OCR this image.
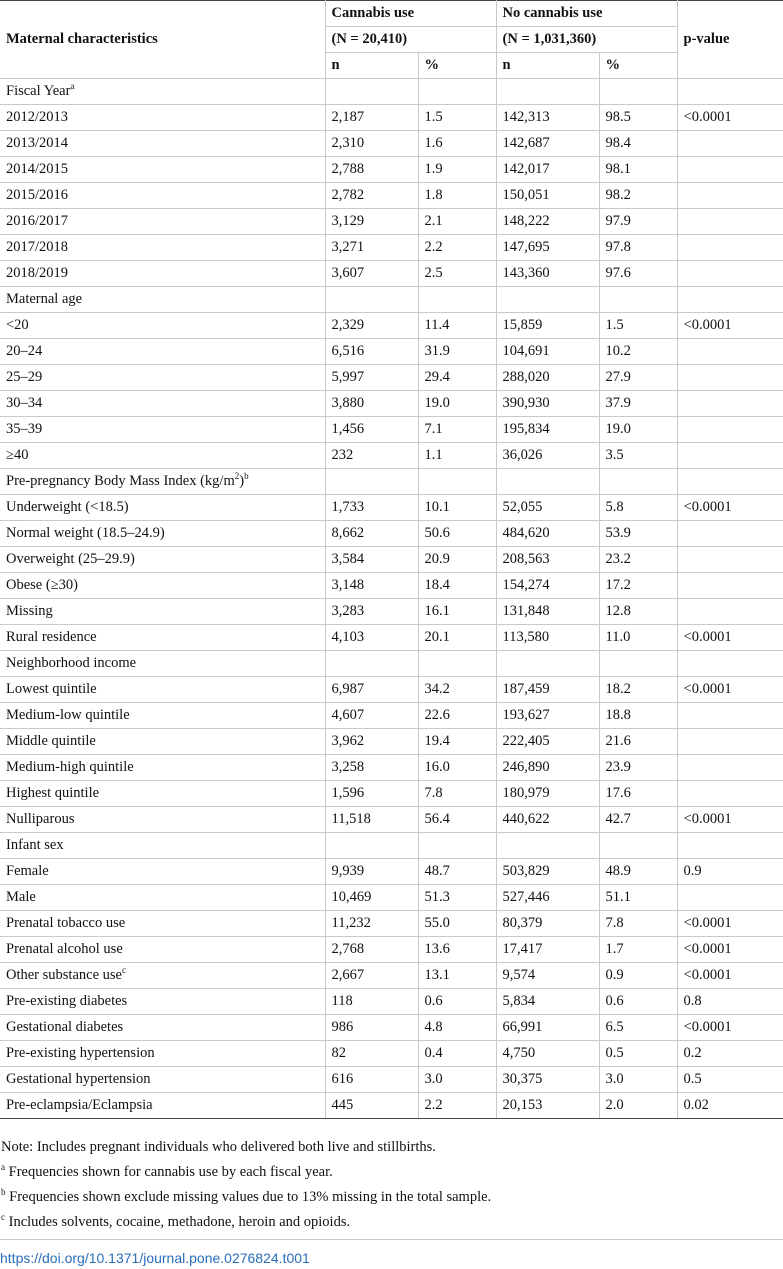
Maternal characteristics	Cannabis use		No cannabis use		p-value
	(N = 20,410)		(N = 1,031,360)		
	n	%	n	%	
Fiscal Year$^a$					
2012/2013	2,187	1.5	142,313	98.5	<0.0001
2013/2014	2,310	1.6	142,687	98.4	
2014/2015	2,788	1.9	142,017	98.1	
2015/2016	2,782	1.8	150,051	98.2	
2016/2017	3,129	2.1	148,222	97.9	
2017/2018	3,271	2.2	147,695	97.8	
2018/2019	3,607	2.5	143,360	97.6	
Maternal age					
<20	2,329	11.4	15,859	1.5	<0.0001
20–24	6,516	31.9	104,691	10.2	
25–29	5,997	29.4	288,020	27.9	
30–34	3,880	19.0	390,930	37.9	
35–39	1,456	7.1	195,834	19.0	
≥40	232	1.1	36,026	3.5	
Pre-pregnancy Body Mass Index $(kg/m^2)^b$					
Underweight (<18.5)	1,733	10.1	52,055	5.8	<0.0001
Normal weight (18.5–24.9)	8,662	50.6	484,620	53.9	
Overweight (25–29.9)	3,584	20.9	208,563	23.2	
Obese (≥30)	3,148	18.4	154,274	17.2	
Missing	3,283	16.1	131,848	12.8	
Rural residence	4,103	20.1	113,580	11.0	<0.0001
Neighborhood income					
Lowest quintile	6,987	34.2	187,459	18.2	<0.0001
Medium-low quintile	4,607	22.6	193,627	18.8	
Middle quintile	3,962	19.4	222,405	21.6	
Medium-high quintile	3,258	16.0	246,890	23.9	
Highest quintile	1,596	7.8	180,979	17.6	
Nulliparous	11,518	56.4	440,622	42.7	<0.0001
Infant sex					
Female	9,939	48.7	503,829	48.9	0.9
Male	10,469	51.3	527,446	51.1	
Prenatal tobacco use	11,232	55.0	80,379	7.8	<0.0001
Prenatal alcohol use	2,768	13.6	17,417	1.7	<0.0001
Other substance use$^c$	2,667	13.1	9,574	0.9	<0.0001
Pre-existing diabetes	118	0.6	5,834	0.6	0.8
Gestational diabetes	986	4.8	66,991	6.5	<0.0001
Pre-existing hypertension	82	0.4	4,750	0.5	0.2
Gestational hypertension	616	3.0	30,375	3.0	0.5
Pre-eclampsia/Eclampsia	445	2.2	20,153	2.0	0.02
Note: Includes pregnant individuals who delivered both live and stillbirths.
$^a$ Frequencies shown for cannabis use by each fiscal year.
$^b$ Frequencies shown exclude missing values due to 13% missing in the total sample.
$^c$ Includes solvents, cocaine, methadone, heroin and opioids.
https://doi.org/10.1371/journal.pone.0276824.t001
